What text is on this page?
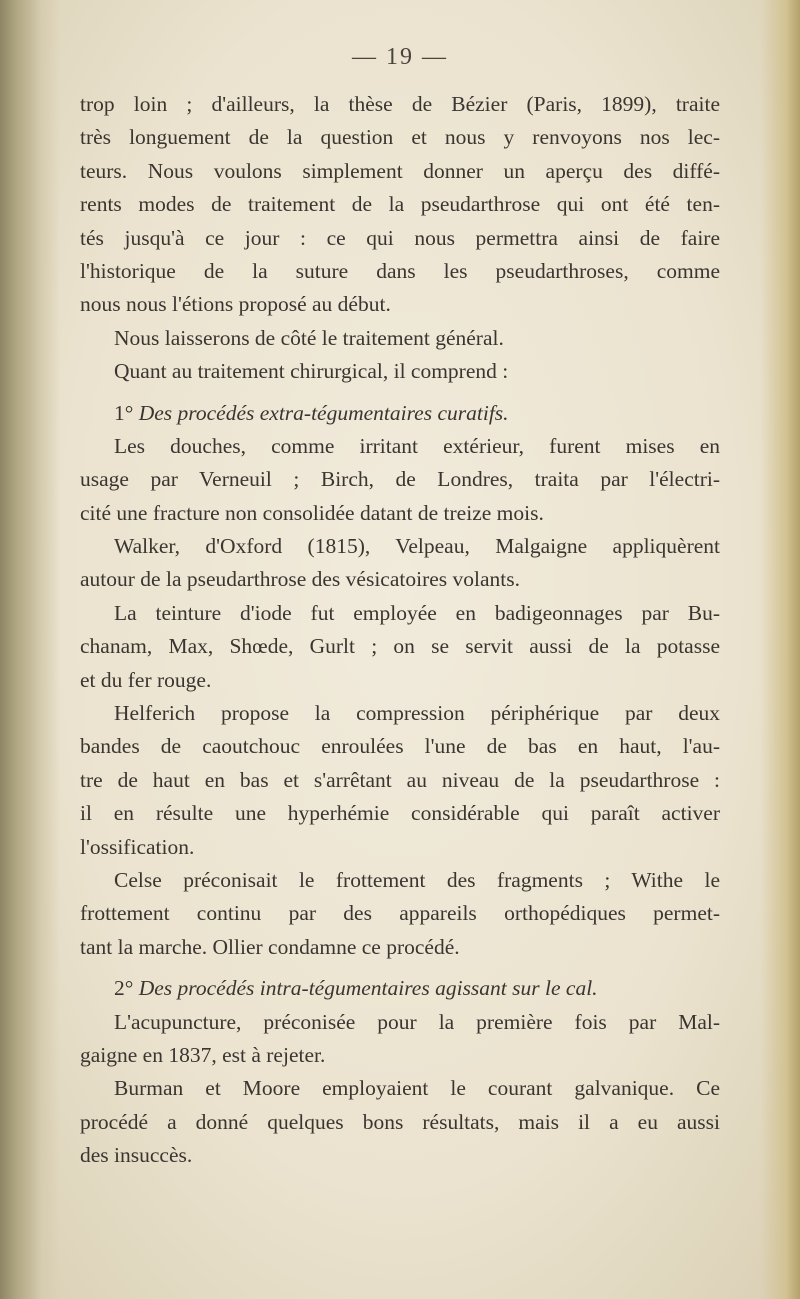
— 19 —
trop loin ; d'ailleurs, la thèse de Bézier (Paris, 1899), traite
très longuement de la question et nous y renvoyons nos lec-
teurs. Nous voulons simplement donner un aperçu des diffé-
rents modes de traitement de la pseudarthrose qui ont été ten-
tés jusqu'à ce jour : ce qui nous permettra ainsi de faire
l'historique de la suture dans les pseudarthroses, comme
nous nous l'étions proposé au début.
Nous laisserons de côté le traitement général.
Quant au traitement chirurgical, il comprend :
1° Des procédés extra-tégumentaires curatifs.
Les douches, comme irritant extérieur, furent mises en
usage par Verneuil ; Birch, de Londres, traita par l'électri-
cité une fracture non consolidée datant de treize mois.
Walker, d'Oxford (1815), Velpeau, Malgaigne appliquèrent
autour de la pseudarthrose des vésicatoires volants.
La teinture d'iode fut employée en badigeonnages par Bu-
chanam, Max, Shœde, Gurlt ; on se servit aussi de la potasse
et du fer rouge.
Helferich propose la compression périphérique par deux
bandes de caoutchouc enroulées l'une de bas en haut, l'au-
tre de haut en bas et s'arrêtant au niveau de la pseudarthrose :
il en résulte une hyperhémie considérable qui paraît activer
l'ossification.
Celse préconisait le frottement des fragments ; Withe le
frottement continu par des appareils orthopédiques permet-
tant la marche. Ollier condamne ce procédé.
2° Des procédés intra-tégumentaires agissant sur le cal.
L'acupuncture, préconisée pour la première fois par Mal-
gaigne en 1837, est à rejeter.
Burman et Moore employaient le courant galvanique. Ce
procédé a donné quelques bons résultats, mais il a eu aussi
des insuccès.
